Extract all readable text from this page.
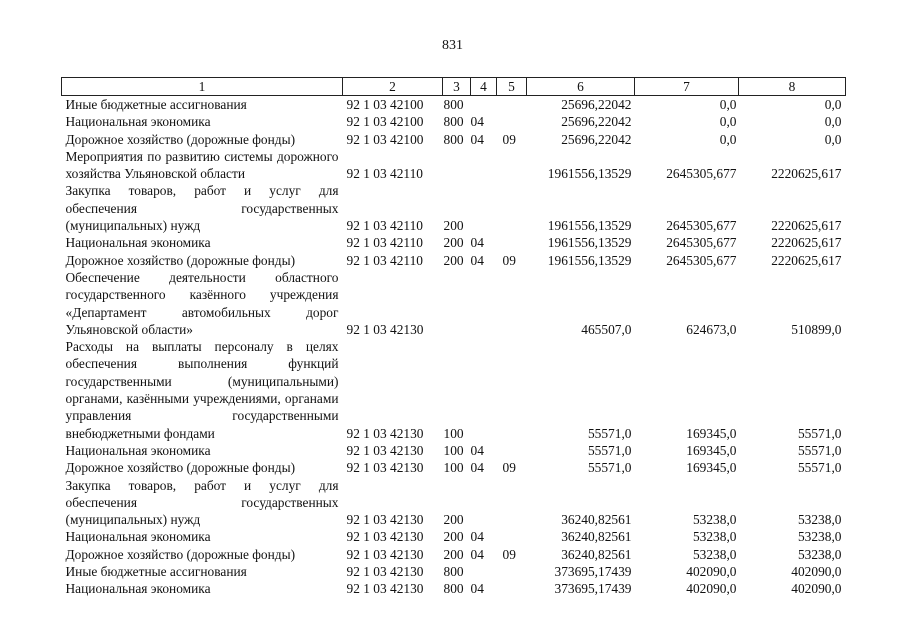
831
1	2	3	4	5	6	7	8
Иные бюджетные ассигнования	92 1 03 42100	800			25696,22042	0,0	0,0
Национальная экономика	92 1 03 42100	800	04		25696,22042	0,0	0,0
Дорожное хозяйство (дорожные фонды)	92 1 03 42100	800	04	09	25696,22042	0,0	0,0
Мероприятия по развитию системы дорожного хозяйства Ульяновской области	92 1 03 42110				1961556,13529	2645305,677	2220625,617
Закупка товаров, работ и услуг для обеспечения государственных (муниципальных) нужд	92 1 03 42110	200			1961556,13529	2645305,677	2220625,617
Национальная экономика	92 1 03 42110	200	04		1961556,13529	2645305,677	2220625,617
Дорожное хозяйство (дорожные фонды)	92 1 03 42110	200	04	09	1961556,13529	2645305,677	2220625,617
Обеспечение деятельности областного государственного казённого учреждения «Департамент автомобильных дорог Ульяновской области»	92 1 03 42130				465507,0	624673,0	510899,0
Расходы на выплаты персоналу в целях обеспечения выполнения функций государственными (муниципальными) органами, казёнными учреждениями, органами управления государственными внебюджетными фондами	92 1 03 42130	100			55571,0	169345,0	55571,0
Национальная экономика	92 1 03 42130	100	04		55571,0	169345,0	55571,0
Дорожное хозяйство (дорожные фонды)	92 1 03 42130	100	04	09	55571,0	169345,0	55571,0
Закупка товаров, работ и услуг для обеспечения государственных (муниципальных) нужд	92 1 03 42130	200			36240,82561	53238,0	53238,0
Национальная экономика	92 1 03 42130	200	04		36240,82561	53238,0	53238,0
Дорожное хозяйство (дорожные фонды)	92 1 03 42130	200	04	09	36240,82561	53238,0	53238,0
Иные бюджетные ассигнования	92 1 03 42130	800			373695,17439	402090,0	402090,0
Национальная экономика	92 1 03 42130	800	04		373695,17439	402090,0	402090,0
